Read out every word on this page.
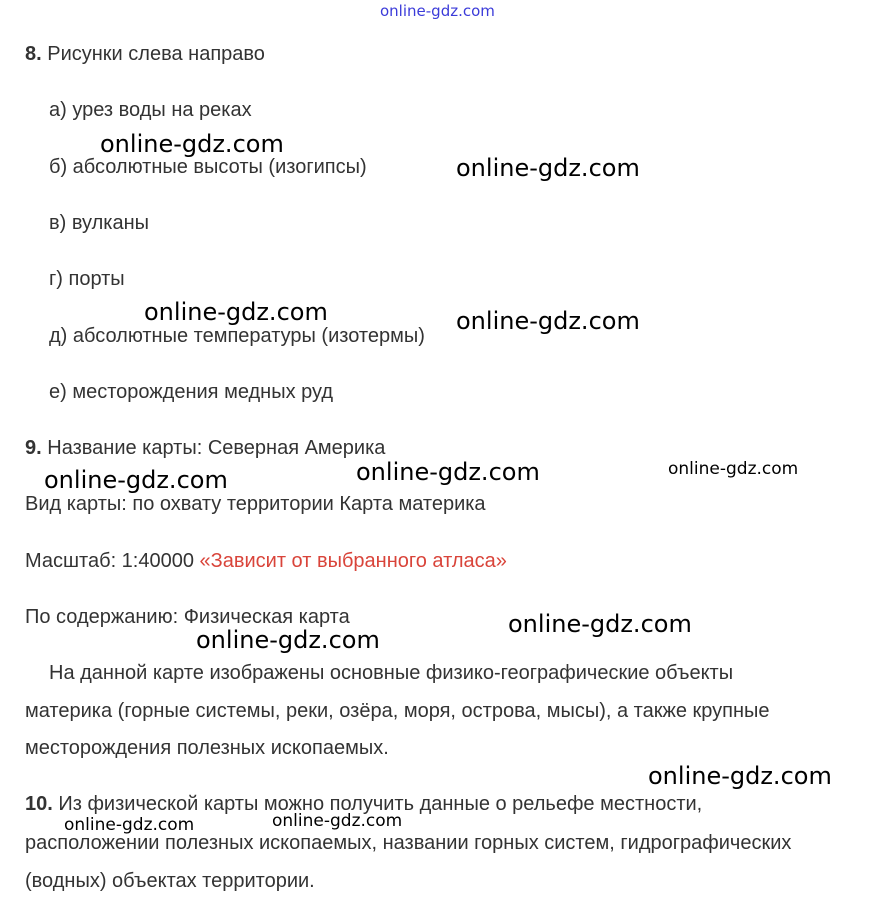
8. Рисунки слева направо
а) урез воды на реках
б) абсолютные высоты (изогипсы)
в) вулканы
г) порты
д) абсолютные температуры (изотермы)
е) месторождения медных руд
9. Название карты: Северная Америка
Вид карты: по охвату территории Карта материка
Масштаб: 1:40000 «Зависит от выбранного атласа»
По содержанию: Физическая карта
На данной карте изображены основные физико-географические объекты
материка (горные системы, реки, озёра, моря, острова, мысы), а также крупные
месторождения полезных ископаемых.
10. Из физической карты можно получить данные о рельефе местности,
расположении полезных ископаемых, названии горных систем, гидрографических
(водных) объектах территории.
online-gdz.com
online-gdz.com
online-gdz.com
online-gdz.com	online-gdz.com
online-gdz.com	online-gdz.com	online-gdz.com
online-gdz.com
online-gdz.com
online-gdz.com
online-gdz.com	online-gdz.com
